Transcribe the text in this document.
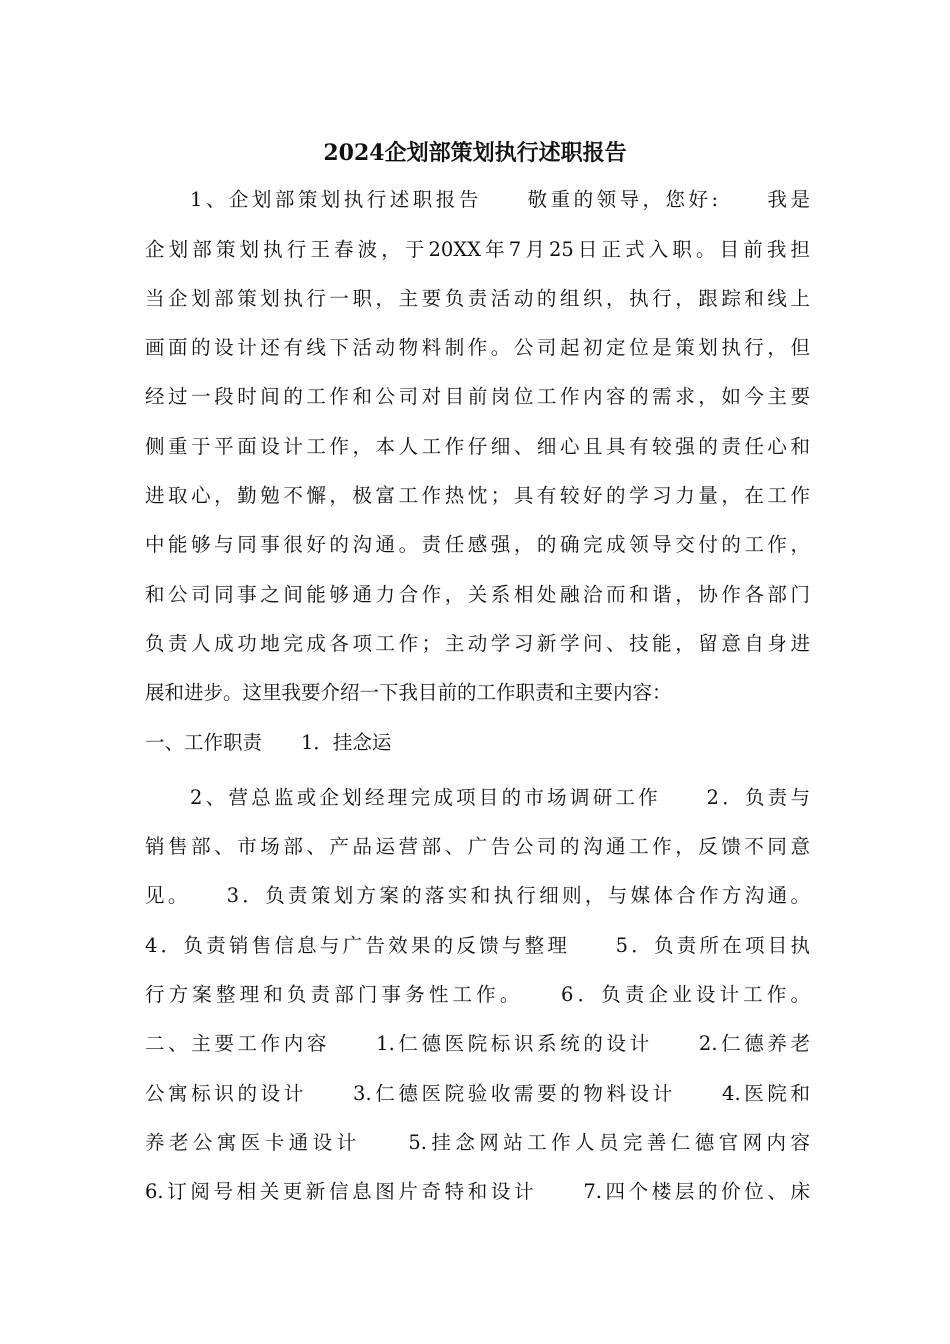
2024企划部策划执行述职报告
1、企划部策划执行述职报告　　敬重的领导，您好:　　我是
企划部策划执行王春波，于20XX年7月25日正式入职。目前我担
当企划部策划执行一职，主要负责活动的组织，执行，跟踪和线上
画面的设计还有线下活动物料制作。公司起初定位是策划执行，但
经过一段时间的工作和公司对目前岗位工作内容的需求，如今主要
侧重于平面设计工作，本人工作仔细、细心且具有较强的责任心和
进取心，勤勉不懈，极富工作热忱；具有较好的学习力量，在工作
中能够与同事很好的沟通。责任感强，的确完成领导交付的工作，
和公司同事之间能够通力合作，关系相处融洽而和谐，协作各部门
负责人成功地完成各项工作；主动学习新学问、技能，留意自身进
展和进步。这里我要介绍一下我目前的工作职责和主要内容：
一、工作职责　　1．挂念运
2、营总监或企划经理完成项目的市场调研工作　　2．负责与
销售部、市场部、产品运营部、广告公司的沟通工作，反馈不同意
见。　　3．负责策划方案的落实和执行细则，与媒体合作方沟通。
4．负责销售信息与广告效果的反馈与整理　　5．负责所在项目执
行方案整理和负责部门事务性工作。　　6．负责企业设计工作。
二、主要工作内容　　1.仁德医院标识系统的设计　　2.仁德养老
公寓标识的设计　　3.仁德医院验收需要的物料设计　　4.医院和
养老公寓医卡通设计　　5.挂念网站工作人员完善仁德官网内容
6.订阅号相关更新信息图片奇特和设计　　7.四个楼层的价位、床
